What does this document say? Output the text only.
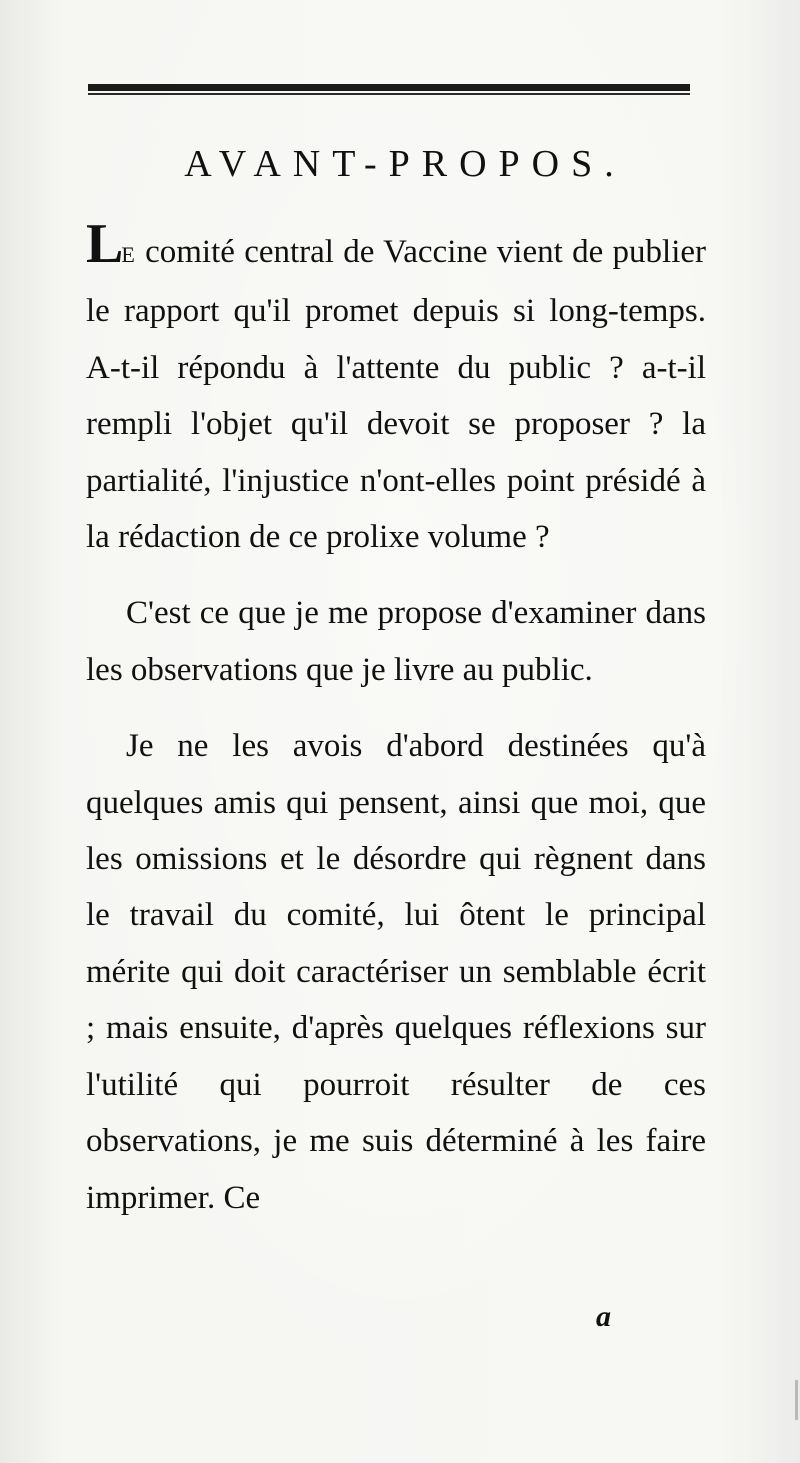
AVANT-PROPOS.

LE comité central de Vaccine vient de publier le rapport qu'il promet depuis si long-temps. A-t-il répondu à l'attente du public ? a-t-il rempli l'objet qu'il devoit se proposer ? la partialité, l'injustice n'ont-elles point présidé à la rédaction de ce prolixe volume ?

C'est ce que je me propose d'examiner dans les observations que je livre au public.

Je ne les avois d'abord destinées qu'à quelques amis qui pensent, ainsi que moi, que les omissions et le désordre qui règnent dans le travail du comité, lui ôtent le principal mérite qui doit caractériser un semblable écrit ; mais ensuite, d'après quelques réflexions sur l'utilité qui pourroit résulter de ces observations, je me suis déterminé à les faire imprimer. Ce

a
